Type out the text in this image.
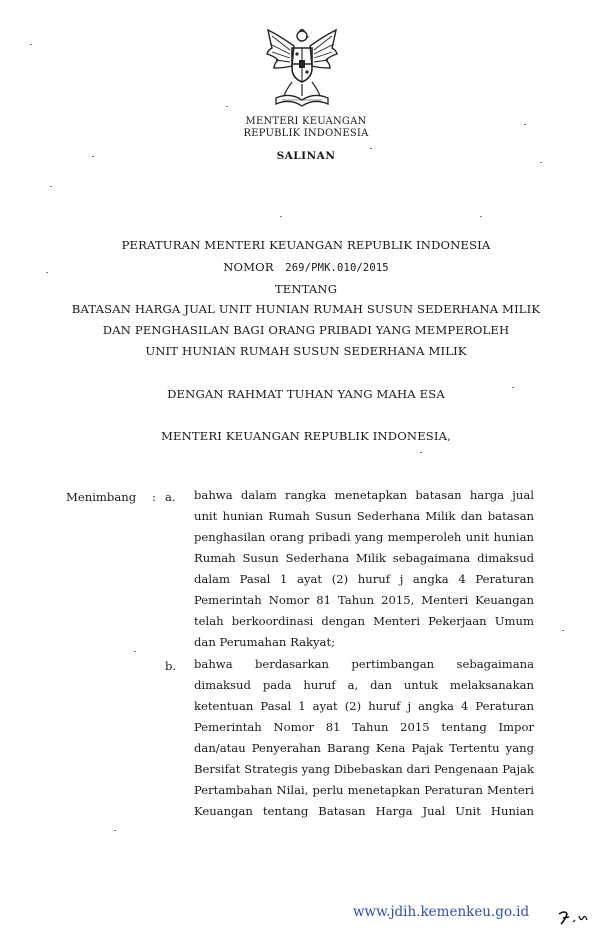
MENTERI KEUANGAN
REPUBLIK INDONESIA
SALINAN
PERATURAN MENTERI KEUANGAN REPUBLIK INDONESIA
NOMOR 269/PMK.010/2015
TENTANG
BATASAN HARGA JUAL UNIT HUNIAN RUMAH SUSUN SEDERHANA MILIK
DAN PENGHASILAN BAGI ORANG PRIBADI YANG MEMPEROLEH
UNIT HUNIAN RUMAH SUSUN SEDERHANA MILIK
DENGAN RAHMAT TUHAN YANG MAHA ESA
MENTERI KEUANGAN REPUBLIK INDONESIA,
Menimbang : a. bahwa dalam rangka menetapkan batasan harga jual
unit hunian Rumah Susun Sederhana Milik dan batasan
penghasilan orang pribadi yang memperoleh unit hunian
Rumah Susun Sederhana Milik sebagaimana dimaksud
dalam Pasal 1 ayat (2) huruf j angka 4 Peraturan
Pemerintah Nomor 81 Tahun 2015, Menteri Keuangan
telah berkoordinasi dengan Menteri Pekerjaan Umum
dan Perumahan Rakyat;
b. bahwa berdasarkan pertimbangan sebagaimana
dimaksud pada huruf a, dan untuk melaksanakan
ketentuan Pasal 1 ayat (2) huruf j angka 4 Peraturan
Pemerintah Nomor 81 Tahun 2015 tentang Impor
dan/atau Penyerahan Barang Kena Pajak Tertentu yang
Bersifat Strategis yang Dibebaskan dari Pengenaan Pajak
Pertambahan Nilai, perlu menetapkan Peraturan Menteri
Keuangan tentang Batasan Harga Jual Unit Hunian
www.jdih.kemenkeu.go.id
